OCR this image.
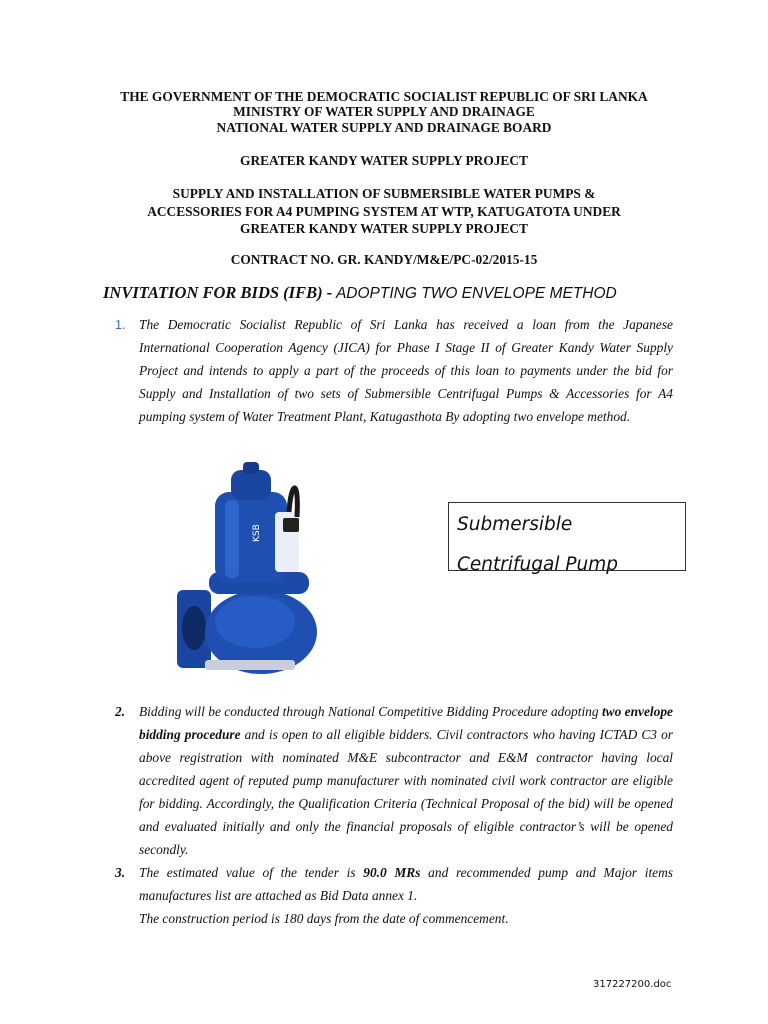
THE GOVERNMENT OF THE DEMOCRATIC SOCIALIST REPUBLIC OF SRI LANKA
MINISTRY OF WATER SUPPLY AND DRAINAGE
NATIONAL WATER SUPPLY AND DRAINAGE BOARD
GREATER KANDY WATER SUPPLY PROJECT
SUPPLY AND INSTALLATION OF SUBMERSIBLE WATER PUMPS &
ACCESSORIES FOR A4 PUMPING SYSTEM AT WTP, KATUGATOTA UNDER
GREATER KANDY WATER SUPPLY PROJECT
CONTRACT NO. GR. KANDY/M&E/PC-02/2015-15
INVITATION FOR BIDS (IFB) - ADOPTING TWO ENVELOPE METHOD
1. The Democratic Socialist Republic of Sri Lanka has received a loan from the Japanese International Cooperation Agency (JICA) for Phase I Stage II of Greater Kandy Water Supply Project and intends to apply a part of the proceeds of this loan to payments under the bid for Supply and Installation of two sets of Submersible Centrifugal Pumps & Accessories for A4 pumping system of Water Treatment Plant, Katugasthota By adopting two envelope method.
KSB	Submersible
Centrifugal Pump
2. Bidding will be conducted through National Competitive Bidding Procedure adopting two envelope bidding procedure and is open to all eligible bidders. Civil contractors who having ICTAD C3 or above registration with nominated M&E subcontractor and E&M contractor having local accredited agent of reputed pump manufacturer with nominated civil work contractor are eligible for bidding. Accordingly, the Qualification Criteria (Technical Proposal of the bid) will be opened and evaluated initially and only the financial proposals of eligible contractor’s will be opened secondly.
3. The estimated value of the tender is 90.0 MRs and recommended pump and Major items manufactures list are attached as Bid Data annex 1.
The construction period is 180 days from the date of commencement.
317227200.doc
